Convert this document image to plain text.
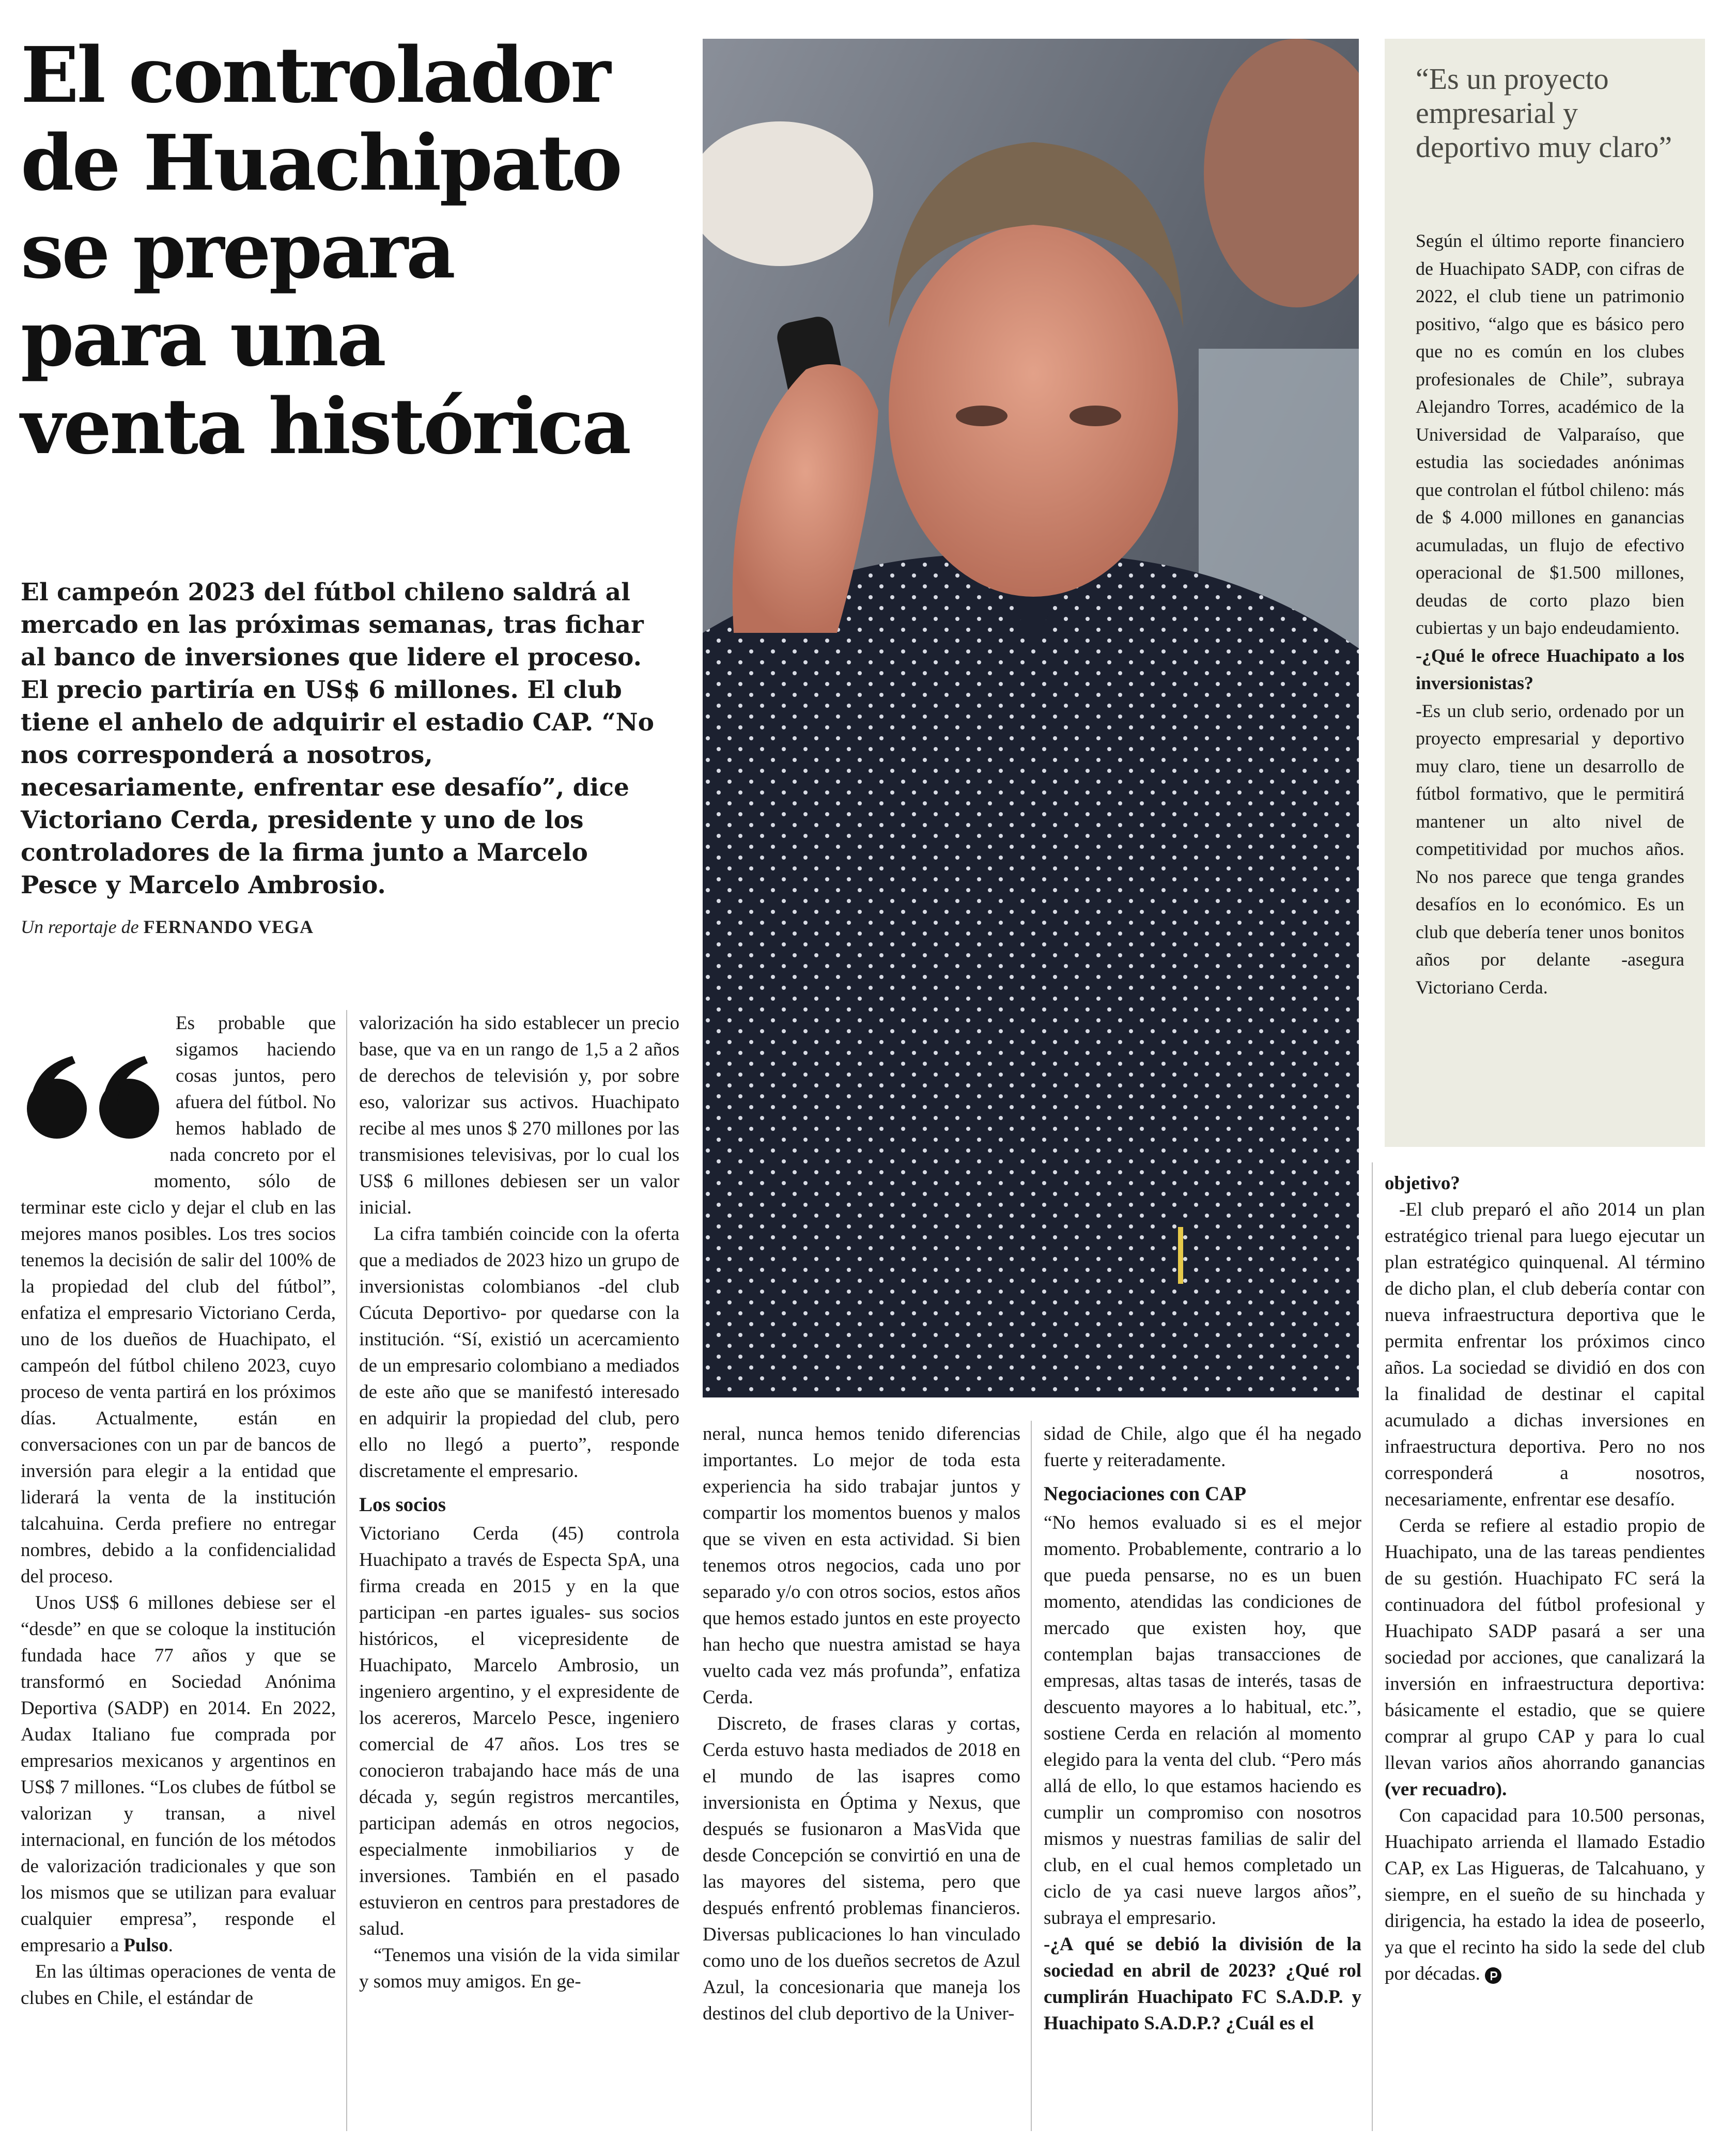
El controlador
de Huachipato
se prepara
para una
venta histórica
El campeón 2023 del fútbol chileno saldrá al mercado en las próximas semanas, tras fichar al banco de inversiones que lidere el proceso. El precio partiría en US$ 6 millones. El club tiene el anhelo de adquirir el estadio CAP. “No nos corresponderá a nosotros, necesariamente, enfrentar ese desafío”, dice Victoriano Cerda, presidente y uno de los controladores de la firma junto a Marcelo Pesce y Marcelo Ambrosio.
Un reportaje de FERNANDO VEGA
“Es un proyecto empresarial y deportivo muy claro”

Según el último reporte financiero de Huachipato SADP, con cifras de 2022, el club tiene un patrimonio positivo, “algo que es básico pero que no es común en los clubes profesionales de Chile”, subraya Alejandro Torres, académico de la Universidad de Valparaíso, que estudia las sociedades anónimas que controlan el fútbol chileno: más de $ 4.000 millones en ganancias acumuladas, un flujo de efectivo operacional de $1.500 millones, deudas de corto plazo bien cubiertas y un bajo endeudamiento.

-¿Qué le ofrece Huachipato a los inversionistas?

-Es un club serio, ordenado por un proyecto empresarial y deportivo muy claro, tiene un desarrollo de fútbol formativo, que le permitirá mantener un alto nivel de competitividad por muchos años. No nos parece que tenga grandes desafíos en lo económico. Es un club que debería tener unos bonitos años por delante -asegura Victoriano Cerda.

Es probable que sigamos haciendo cosas juntos, pero afuera del fútbol. No hemos hablado de nada concreto por el momento, sólo de terminar este ciclo y dejar el club en las mejores manos posibles. Los tres socios tenemos la decisión de salir del 100% de la propiedad del club del fútbol”, enfatiza el empresario Victoriano Cerda, uno de los dueños de Huachipato, el campeón del fútbol chileno 2023, cuyo proceso de venta partirá en los próximos días. Actualmente, están en conversaciones con un par de bancos de inversión para elegir a la entidad que liderará la venta de la institución talcahuina. Cerda prefiere no entregar nombres, debido a la confidencialidad del proceso.

Unos US$ 6 millones debiese ser el “desde” en que se coloque la institución fundada hace 77 años y que se transformó en Sociedad Anónima Deportiva (SADP) en 2014. En 2022, Audax Italiano fue comprada por empresarios mexicanos y argentinos en US$ 7 millones. “Los clubes de fútbol se valorizan y transan, a nivel internacional, en función de los métodos de valorización tradicionales y que son los mismos que se utilizan para evaluar cualquier empresa”, responde el empresario a Pulso.

En las últimas operaciones de venta de clubes en Chile, el estándar de

valorización ha sido establecer un precio base, que va en un rango de 1,5 a 2 años de derechos de televisión y, por sobre eso, valorizar sus activos. Huachipato recibe al mes unos $ 270 millones por las transmisiones televisivas, por lo cual los US$ 6 millones debiesen ser un valor inicial.

La cifra también coincide con la oferta que a mediados de 2023 hizo un grupo de inversionistas colombianos -del club Cúcuta Deportivo- por quedarse con la institución. “Sí, existió un acercamiento de un empresario colombiano a mediados de este año que se manifestó interesado en adquirir la propiedad del club, pero ello no llegó a puerto”, responde discretamente el empresario.

Los socios

Victoriano Cerda (45) controla Huachipato a través de Especta SpA, una firma creada en 2015 y en la que participan -en partes iguales- sus socios históricos, el vicepresidente de Huachipato, Marcelo Ambrosio, un ingeniero argentino, y el expresidente de los acereros, Marcelo Pesce, ingeniero comercial de 47 años. Los tres se conocieron trabajando hace más de una década y, según registros mercantiles, participan además en otros negocios, especialmente inmobiliarios y de inversiones. También en el pasado estuvieron en centros para prestadores de salud.

“Tenemos una visión de la vida similar y somos muy amigos. En ge-

neral, nunca hemos tenido diferencias importantes. Lo mejor de toda esta experiencia ha sido trabajar juntos y compartir los momentos buenos y malos que se viven en esta actividad. Si bien tenemos otros negocios, cada uno por separado y/o con otros socios, estos años que hemos estado juntos en este proyecto han hecho que nuestra amistad se haya vuelto cada vez más profunda”, enfatiza Cerda.

Discreto, de frases claras y cortas, Cerda estuvo hasta mediados de 2018 en el mundo de las isapres como inversionista en Óptima y Nexus, que después se fusionaron a MasVida que desde Concepción se convirtió en una de las mayores del sistema, pero que después enfrentó problemas financieros. Diversas publicaciones lo han vinculado como uno de los dueños secretos de Azul Azul, la concesionaria que maneja los destinos del club deportivo de la Univer-

sidad de Chile, algo que él ha negado fuerte y reiteradamente.

Negociaciones con CAP

“No hemos evaluado si es el mejor momento. Probablemente, contrario a lo que pueda pensarse, no es un buen momento, atendidas las condiciones de mercado que existen hoy, que contemplan bajas transacciones de empresas, altas tasas de interés, tasas de descuento mayores a lo habitual, etc.”, sostiene Cerda en relación al momento elegido para la venta del club. “Pero más allá de ello, lo que estamos haciendo es cumplir un compromiso con nosotros mismos y nuestras familias de salir del club, en el cual hemos completado un ciclo de ya casi nueve largos años”, subraya el empresario.

-¿A qué se debió la división de la sociedad en abril de 2023? ¿Qué rol cumplirán Huachipato FC S.A.D.P. y Huachipato S.A.D.P.? ¿Cuál es el

objetivo?

-El club preparó el año 2014 un plan estratégico trienal para luego ejecutar un plan estratégico quinquenal. Al término de dicho plan, el club debería contar con nueva infraestructura deportiva que le permita enfrentar los próximos cinco años. La sociedad se dividió en dos con la finalidad de destinar el capital acumulado a dichas inversiones en infraestructura deportiva. Pero no nos corresponderá a nosotros, necesariamente, enfrentar ese desafío.

Cerda se refiere al estadio propio de Huachipato, una de las tareas pendientes de su gestión. Huachipato FC será la continuadora del fútbol profesional y Huachipato SADP pasará a ser una sociedad por acciones, que canalizará la inversión en infraestructura deportiva: básicamente el estadio, que se quiere comprar al grupo CAP y para lo cual llevan varios años ahorrando ganancias (ver recuadro).

Con capacidad para 10.500 personas, Huachipato arrienda el llamado Estadio CAP, ex Las Higueras, de Talcahuano, y siempre, en el sueño de su hinchada y dirigencia, ha estado la idea de poseerlo, ya que el recinto ha sido la sede del club por décadas.
